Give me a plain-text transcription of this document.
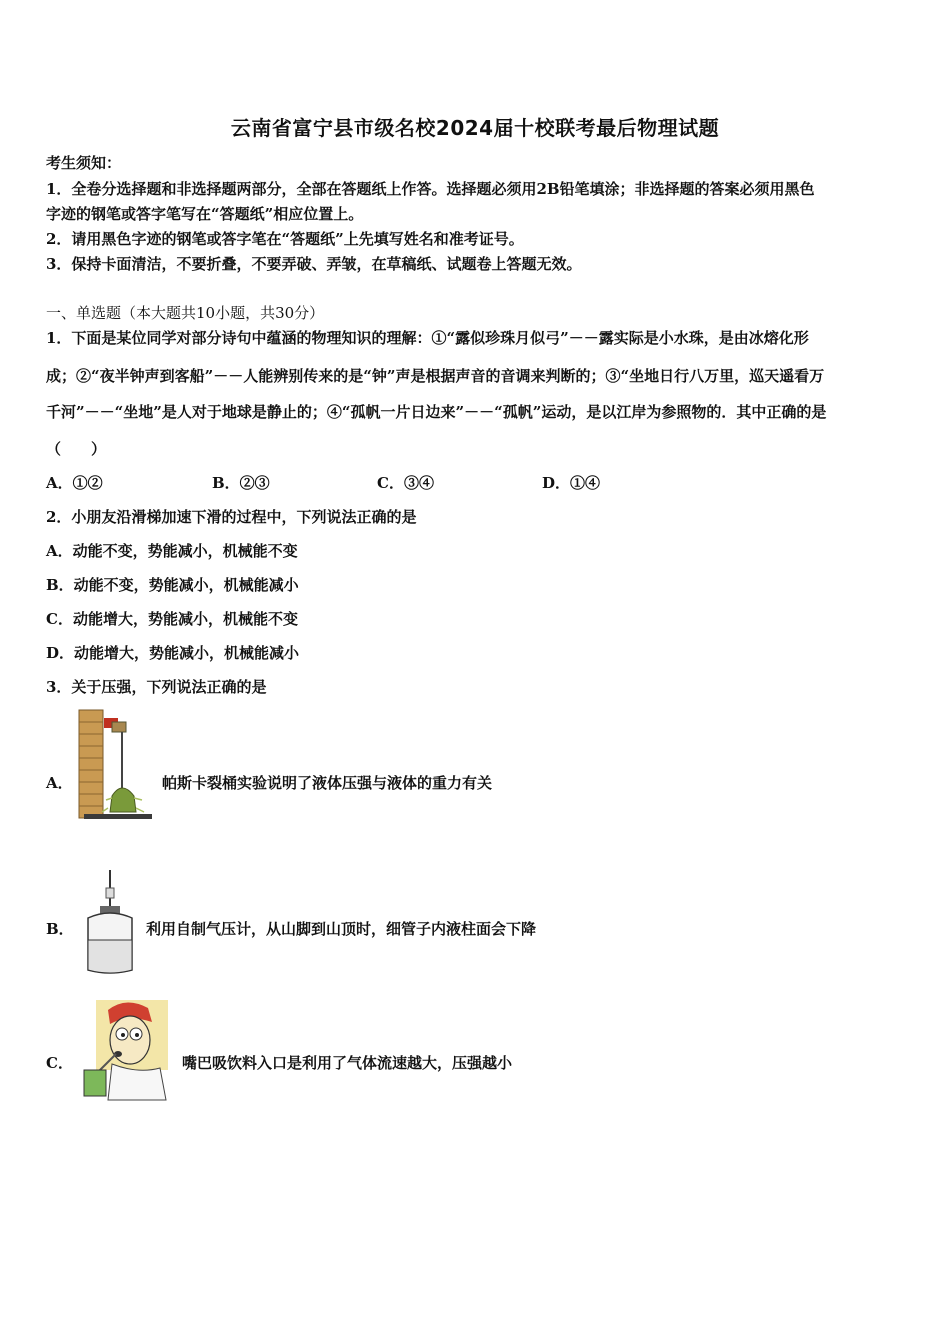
云南省富宁县市级名校2024届十校联考最后物理试题
考生须知：
1．全卷分选择题和非选择题两部分，全部在答题纸上作答。选择题必须用2B铅笔填涂；非选择题的答案必须用黑色
字迹的钢笔或答字笔写在“答题纸”相应位置上。
2．请用黑色字迹的钢笔或答字笔在“答题纸”上先填写姓名和准考证号。
3．保持卡面清洁，不要折叠，不要弄破、弄皱，在草稿纸、试题卷上答题无效。
一、单选题（本大题共10小题，共30分）
1．下面是某位同学对部分诗句中蕴涵的物理知识的理解：①“露似珍珠月似弓”－－露实际是小水珠，是由冰熔化形
成；②“夜半钟声到客船”－－人能辨别传来的是“钟”声是根据声音的音调来判断的；③“坐地日行八万里，巡天遥看万
千河”－－“坐地”是人对于地球是静止的；④“孤帆一片日边来”－－“孤帆”运动，是以江岸为参照物的．其中正确的是
（　　）
A．①②	B．②③	C．③④	D．①④
2．小朋友沿滑梯加速下滑的过程中，下列说法正确的是
A．动能不变，势能减小，机械能不变
B．动能不变，势能减小，机械能减小
C．动能增大，势能减小，机械能不变
D．动能增大，势能减小，机械能减小
3．关于压强，下列说法正确的是
A．	帕斯卡裂桶实验说明了液体压强与液体的重力有关
B．	利用自制气压计，从山脚到山顶时，细管子内液柱面会下降
C．	嘴巴吸饮料入口是利用了气体流速越大，压强越小
